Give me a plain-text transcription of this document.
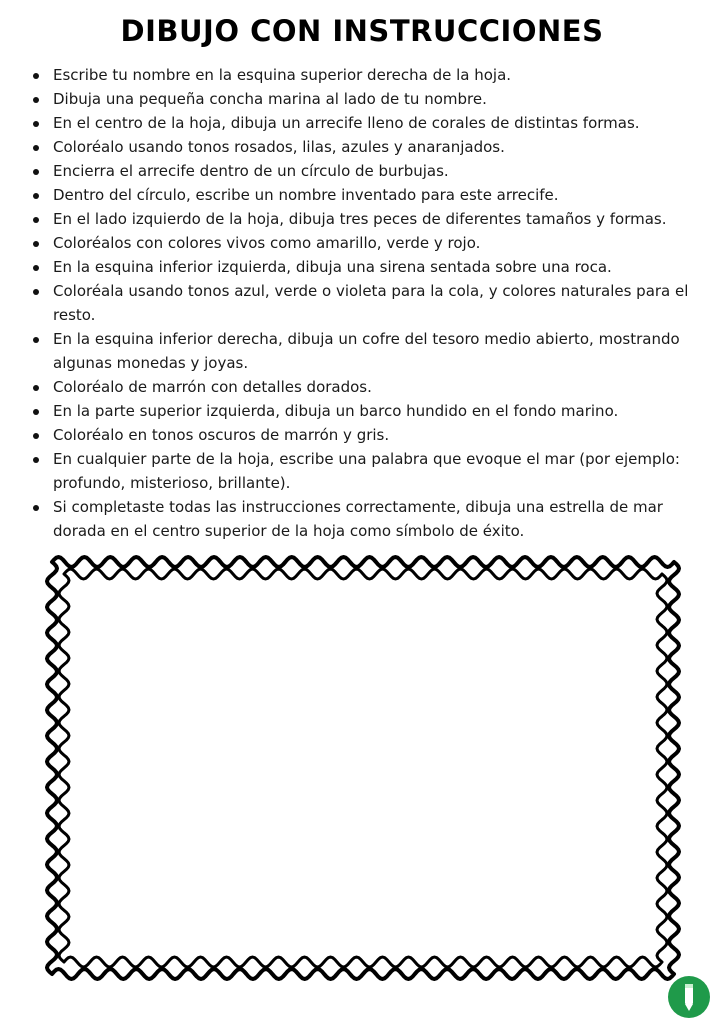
DIBUJO CON INSTRUCCIONES
Escribe tu nombre en la esquina superior derecha de la hoja.
Dibuja una pequeña concha marina al lado de tu nombre.
En el centro de la hoja, dibuja un arrecife lleno de corales de distintas formas.
Coloréalo usando tonos rosados, lilas, azules y anaranjados.
Encierra el arrecife dentro de un círculo de burbujas.
Dentro del círculo, escribe un nombre inventado para este arrecife.
En el lado izquierdo de la hoja, dibuja tres peces de diferentes tamaños y formas.
Coloréalos con colores vivos como amarillo, verde y rojo.
En la esquina inferior izquierda, dibuja una sirena sentada sobre una roca.
Coloréala usando tonos azul, verde o violeta para la cola, y colores naturales para el resto.
En la esquina inferior derecha, dibuja un cofre del tesoro medio abierto, mostrando algunas monedas y joyas.
Coloréalo de marrón con detalles dorados.
En la parte superior izquierda, dibuja un barco hundido en el fondo marino.
Coloréalo en tonos oscuros de marrón y gris.
En cualquier parte de la hoja, escribe una palabra que evoque el mar (por ejemplo: profundo, misterioso, brillante).
Si completaste todas las instrucciones correctamente, dibuja una estrella de mar dorada en el centro superior de la hoja como símbolo de éxito.
